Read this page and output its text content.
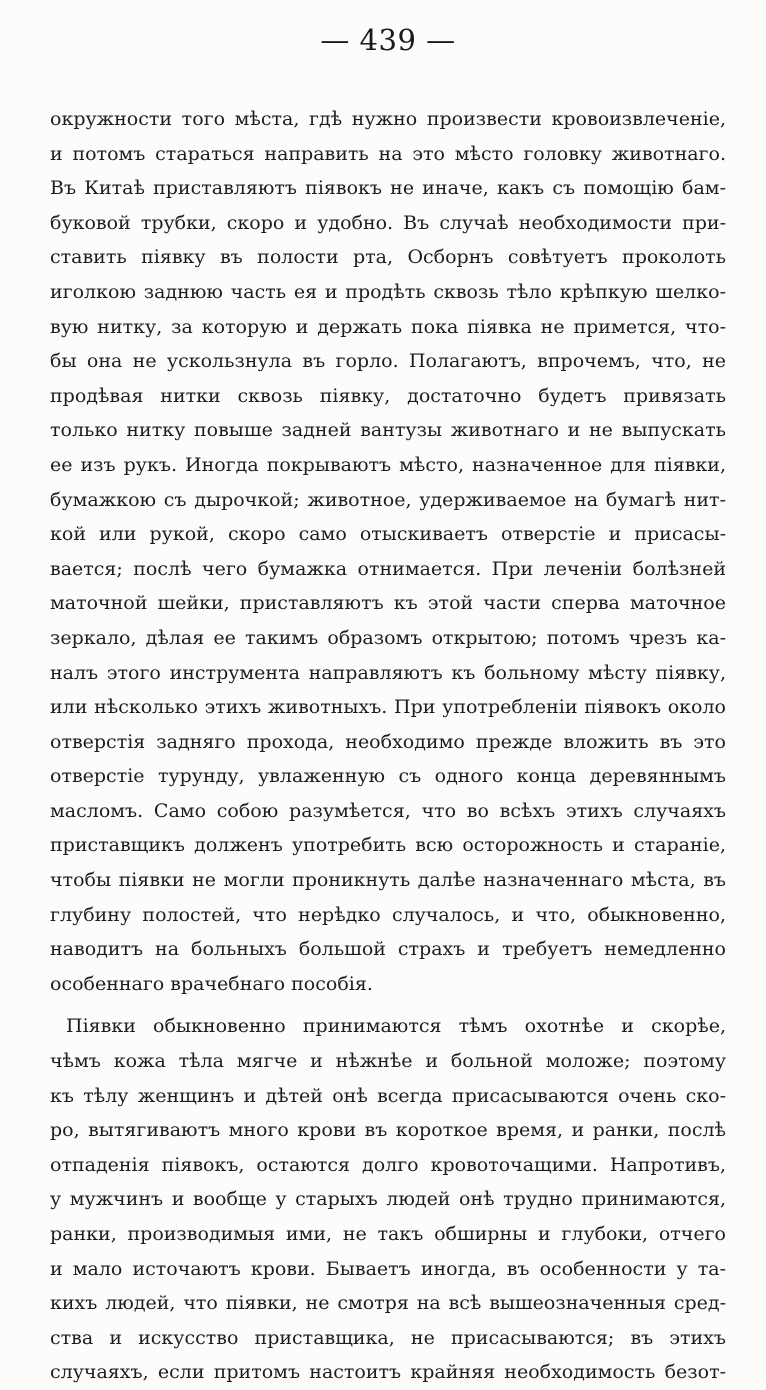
— 439 —
окружности того мѣста, гдѣ нужно произвести кровоизвлеченiе,
и потомъ стараться направить на это мѣсто головку животнаго.
Въ Китаѣ приставляютъ пiявокъ не иначе, какъ съ помощiю бам-
буковой трубки, скоро и удобно. Въ случаѣ необходимости при-
ставить пiявку въ полости рта, Осборнъ совѣтуетъ проколоть
иголкою заднюю часть ея и продѣть сквозь тѣло крѣпкую шелко-
вую нитку, за которую и держать пока пiявка не примется, что-
бы она не ускользнула въ горло. Полагаютъ, впрочемъ, что, не
продѣвая нитки сквозь пiявку, достаточно будетъ привязать
только нитку повыше задней вантузы животнаго и не выпускать
ее изъ рукъ. Иногда покрываютъ мѣсто, назначенное для пiявки,
бумажкою съ дырочкой; животное, удерживаемое на бумагѣ нит-
кой или рукой, скоро само отыскиваетъ отверстiе и присасы-
вается; послѣ чего бумажка отнимается. При леченiи болѣзней
маточной шейки, приставляютъ къ этой части сперва маточное
зеркало, дѣлая ее такимъ образомъ открытою; потомъ чрезъ ка-
налъ этого инструмента направляютъ къ больному мѣсту пiявку,
или нѣсколько этихъ животныхъ. При употребленiи пiявокъ около
отверстiя задняго прохода, необходимо прежде вложить въ это
отверстiе турунду, увлаженную съ одного конца деревяннымъ
масломъ. Само собою разумѣется, что во всѣхъ этихъ случаяхъ
приставщикъ долженъ употребить всю осторожность и старанiе,
чтобы пiявки не могли проникнуть далѣе назначеннаго мѣста, въ
глубину полостей, что нерѣдко случалось, и что, обыкновенно,
наводитъ на больныхъ большой страхъ и требуетъ немедленно
особеннаго врачебнаго пособiя.
Пiявки обыкновенно принимаются тѣмъ охотнѣе и скорѣе,
чѣмъ кожа тѣла мягче и нѣжнѣе и больной моложе; поэтому
къ тѣлу женщинъ и дѣтей онѣ всегда присасываются очень ско-
ро, вытягиваютъ много крови въ короткое время, и ранки, послѣ
отпаденiя пiявокъ, остаются долго кровоточащими. Напротивъ,
у мужчинъ и вообще у старыхъ людей онѣ трудно принимаются,
ранки, производимыя ими, не такъ обширны и глубоки, отчего
и мало источаютъ крови. Бываетъ иногда, въ особенности у та-
кихъ людей, что пiявки, не смотря на всѣ вышеозначенныя сред-
ства и искусство приставщика, не присасываются; въ этихъ
случаяхъ, если притомъ настоитъ крайняя необходимость безот-
